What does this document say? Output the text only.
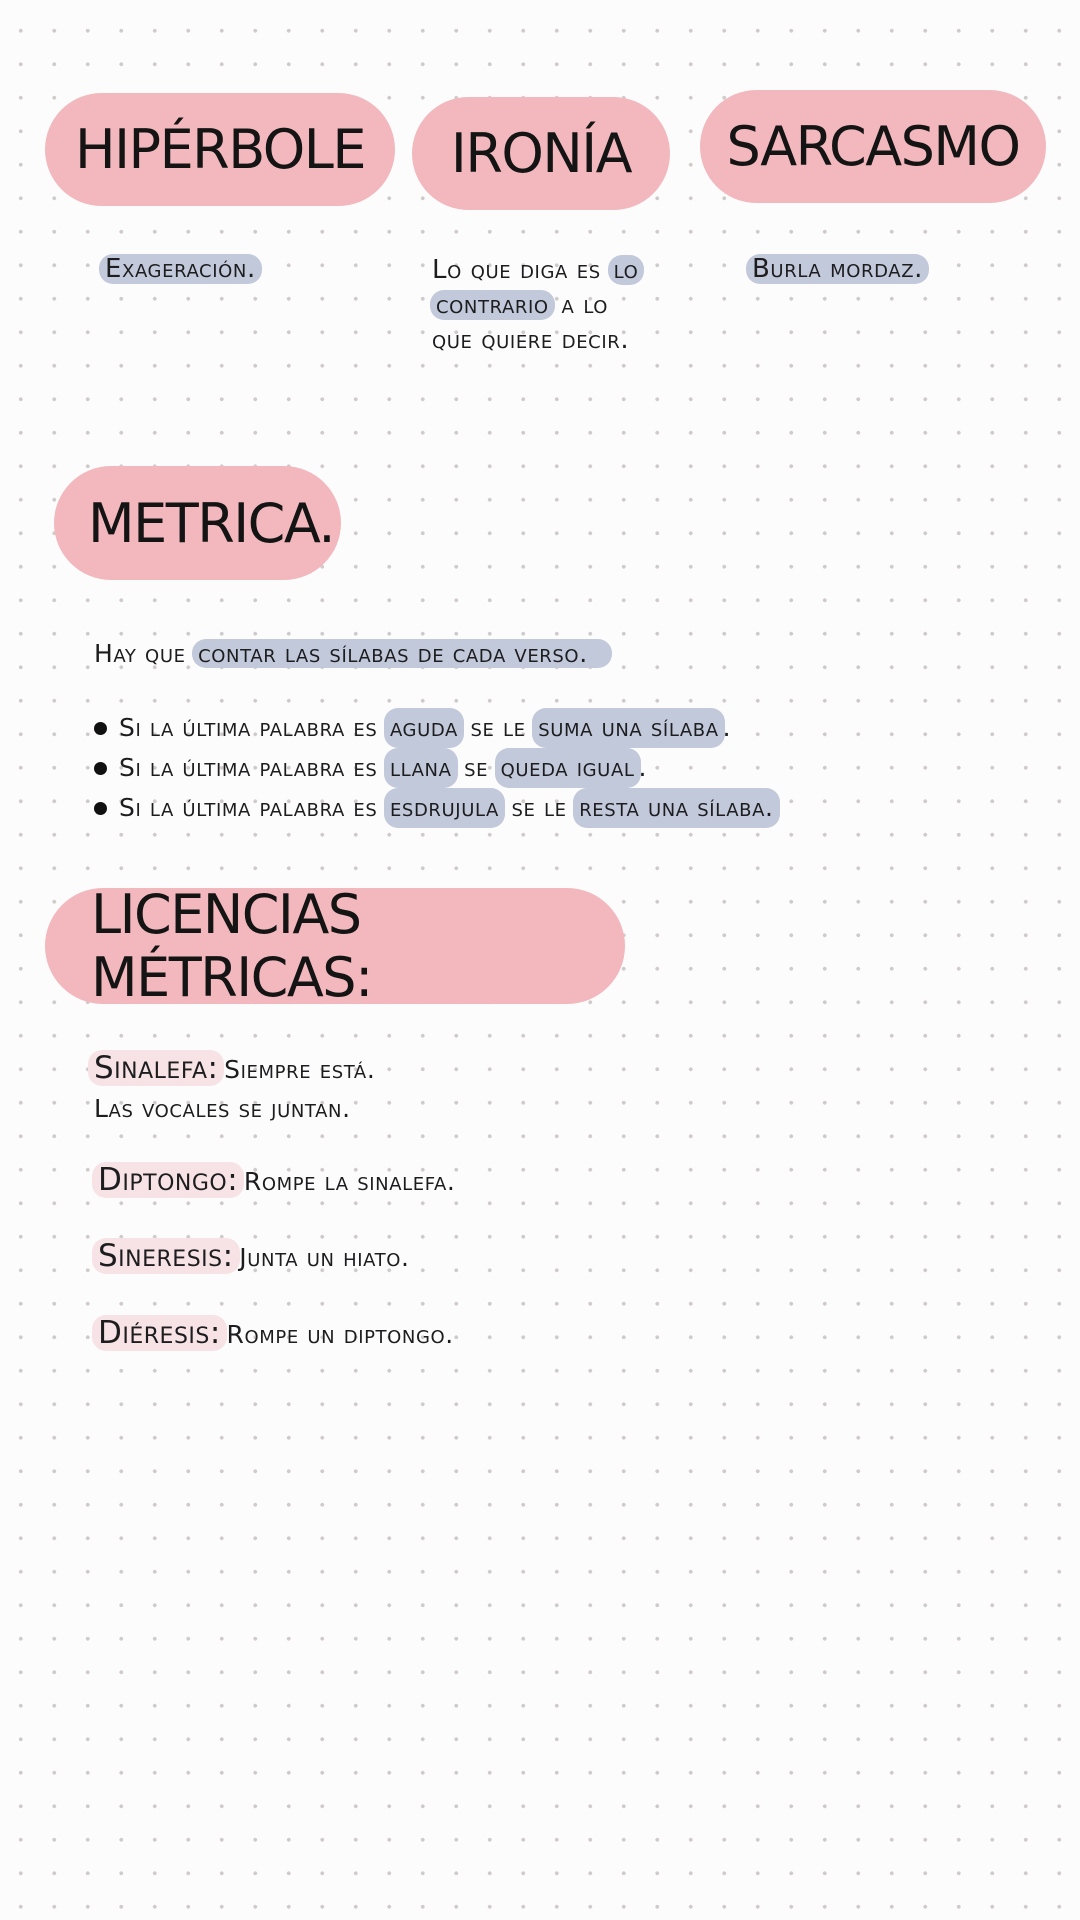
HIPÉRBOLE IRONÍA SARCASMO
Exageración.	Lo que diga es lo
contrario a lo
que quiere decir.
Burla mordaz.
METRICA.
Hay que contar las sílabas de cada verso.
Si la última palabra es
aguda
se le
suma una sílaba .
Si la última palabra es
llana
se
queda igual .
Si la última palabra es
esdrujula
se le
resta una sílaba.
LICENCIAS MÉTRICAS:
Sinalefa: Siempre está.
Las vocales se juntan.
Diptongo: Rompe la sinalefa.
Sineresis: Junta un hiato.
Diéresis: Rompe un diptongo.
